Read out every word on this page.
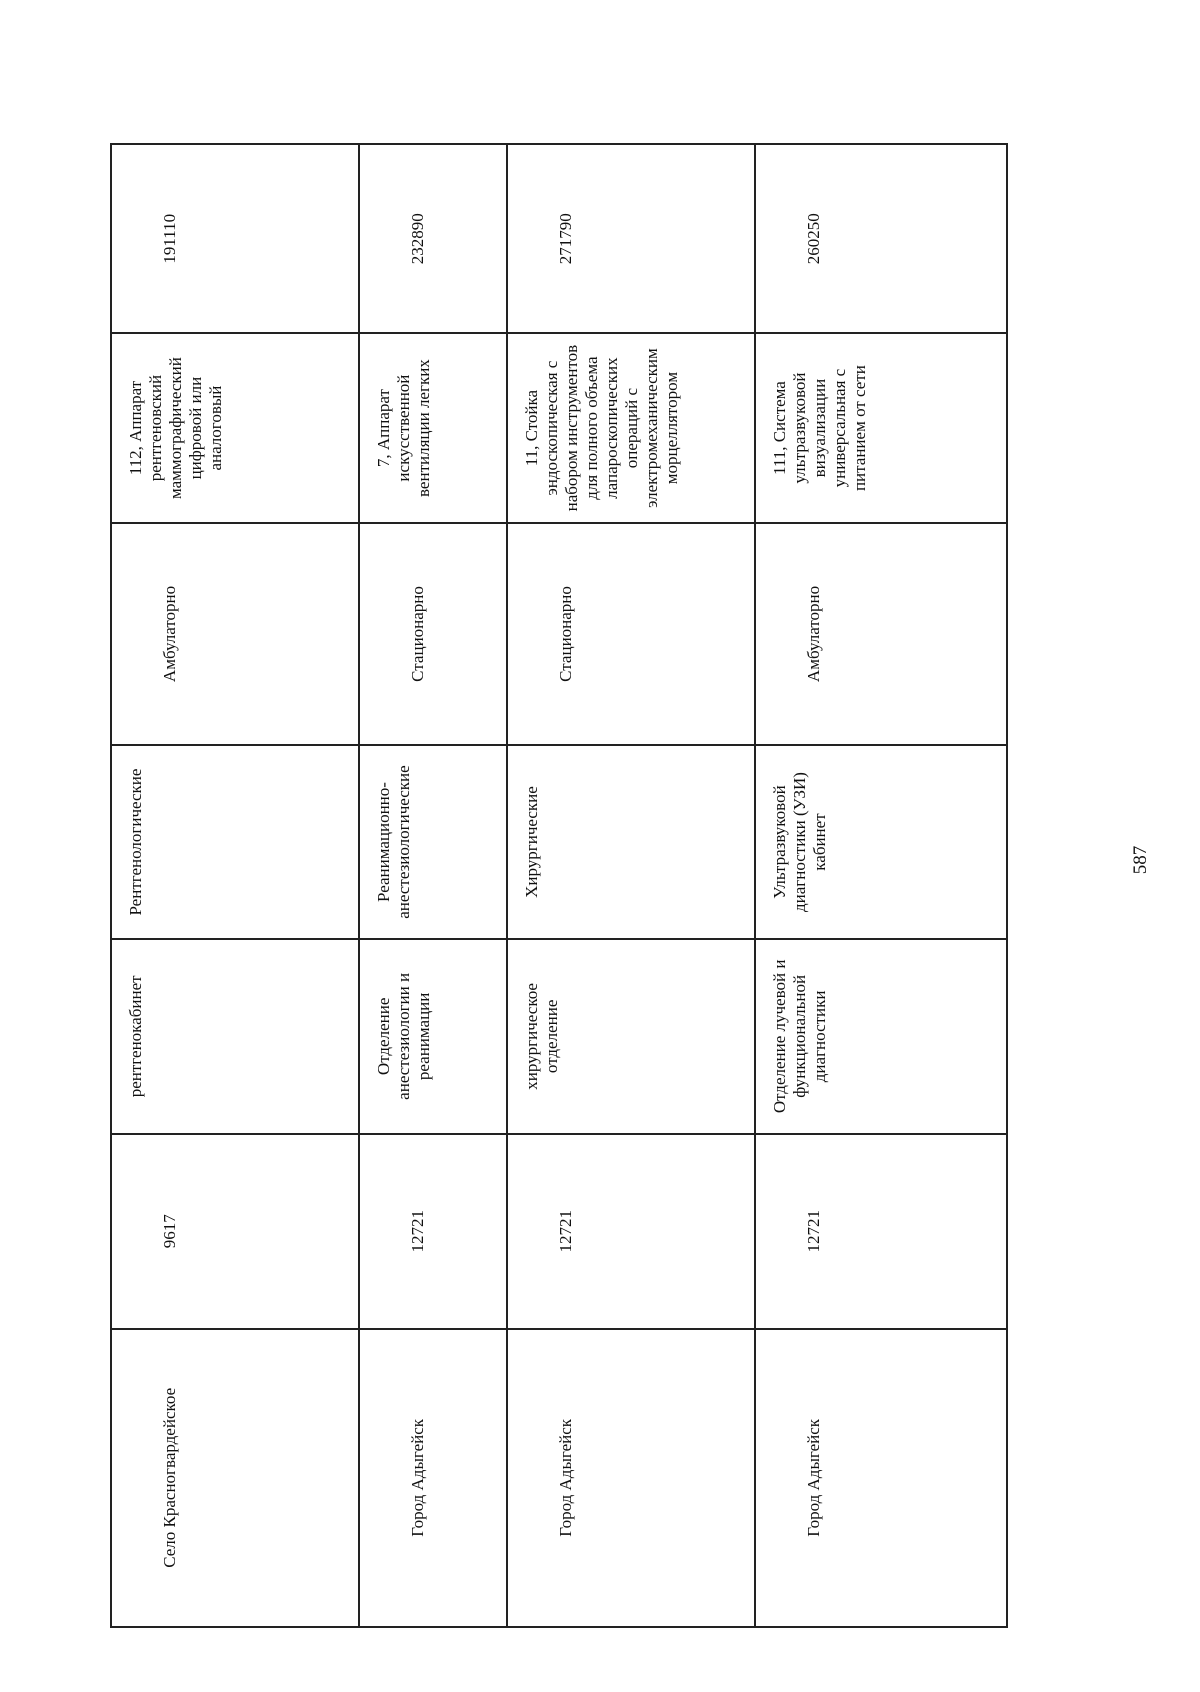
Село Красногвардейское	9617	рентгенокабинет	Рентгенологические	Амбулаторно	112, Аппарат рентгеновский маммографический цифровой или аналоговый	191110
Город Адыгейск	12721	Отделение анестезиологии и реанимации	Реанимационно-анестезиологические	Стационарно	7, Аппарат искусственной вентиляции легких	232890
Город Адыгейск	12721	хирургическое отделение	Хирургические	Стационарно	11, Стойка эндоскопическая с набором инструментов для полного объема лапароскопических операций с электромеханическим морцеллятором	271790
Город Адыгейск	12721	Отделение лучевой и функциональной диагностики	Ультразвуковой диагностики (УЗИ) кабинет	Амбулаторно	111, Система ультразвуковой визуализации универсальная с питанием от сети	260250
587
